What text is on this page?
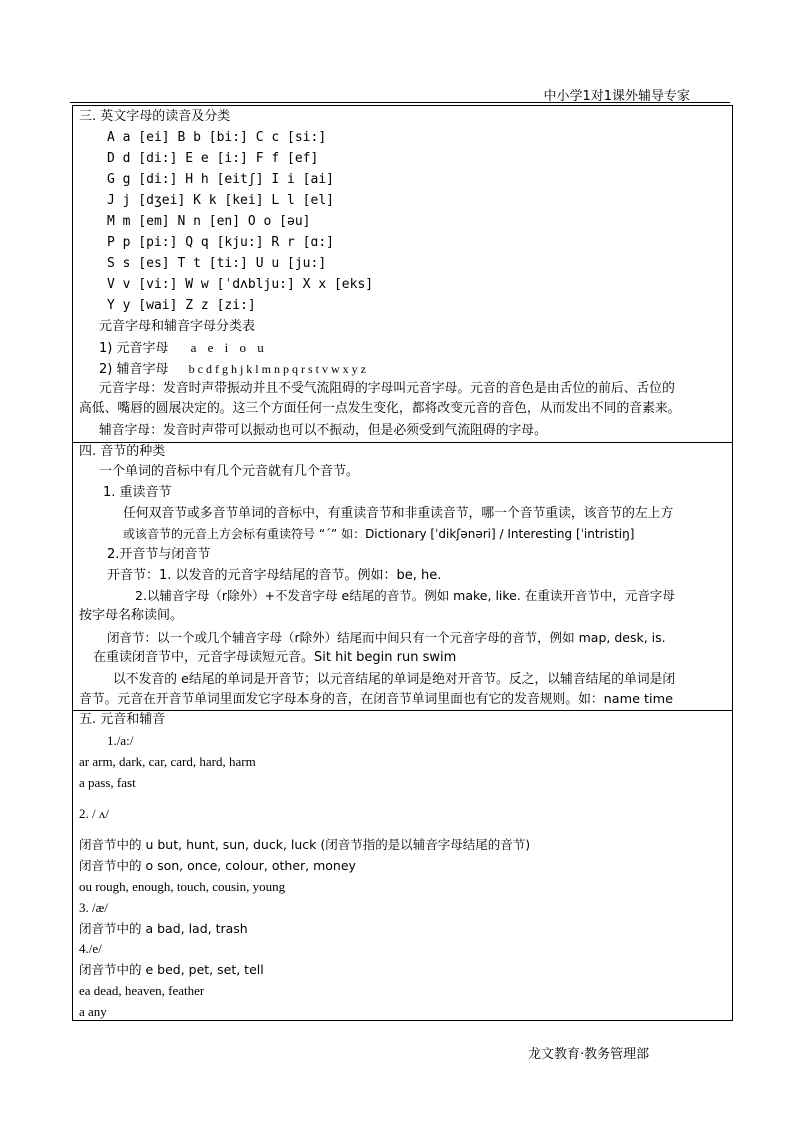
中小学1对1课外辅导专家
三. 英文字母的读音及分类
A a [ei] B b [bi:] C c [si:]
D d [di:] E e [i:] F f [ef]
G g [di:] H h [eitʃ] I i [ai]
J j [dʒei] K k [kei] L l [el]
M m [em] N n [en] O o [əu]
P p [pi:] Q q [kju:] R r [ɑ:]
S s [es] T t [ti:] U u [ju:]
V v [vi:] W w [ˈdʌblju:] X x [eks]
Y y [wai] Z z [zi:]
元音字母和辅音字母分类表
1) 元音字母 a e i o u
2) 辅音字母 b c d f g h j k l m n p q r s t v w x y z
元音字母：发音时声带振动并且不受气流阻碍的字母叫元音字母。元音的音色是由舌位的前后、舌位的
高低、嘴唇的圆展决定的。这三个方面任何一点发生变化，都将改变元音的音色，从而发出不同的音素来。
辅音字母：发音时声带可以振动也可以不振动，但是必须受到气流阻碍的字母。
四. 音节的种类
一个单词的音标中有几个元音就有几个音节。
1. 重读音节
任何双音节或多音节单词的音标中，有重读音节和非重读音节，哪一个音节重读，该音节的左上方
或该音节的元音上方会标有重读符号 “ˊ” 如：Dictionary [ˈdikʃənəri] / Interesting [ˈintristiŋ]
2.开音节与闭音节
开音节：1. 以发音的元音字母结尾的音节。例如：be, he.
2.以辅音字母（r除外）+不发音字母 e结尾的音节。例如 make, like. 在重读开音节中，元音字母
按字母名称读间。
闭音节：以一个或几个辅音字母（r除外）结尾而中间只有一个元音字母的音节，例如 map, desk, is.
在重读闭音节中，元音字母读短元音。Sit hit begin run swim
以不发音的 e结尾的单词是开音节；以元音结尾的单词是绝对开音节。反之，以辅音结尾的单词是闭
音节。元音在开音节单词里面发它字母本身的音，在闭音节单词里面也有它的发音规则。如：name time
五. 元音和辅音
1./a:/
ar arm, dark, car, card, hard, harm
a pass, fast
2. / ʌ/
闭音节中的 u but, hunt, sun, duck, luck (闭音节指的是以辅音字母结尾的音节)
闭音节中的 o son, once, colour, other, money
ou rough, enough, touch, cousin, young
3. /æ/
闭音节中的 a bad, lad, trash
4./e/
闭音节中的 e bed, pet, set, tell
ea dead, heaven, feather
a any
龙文教育·教务管理部
